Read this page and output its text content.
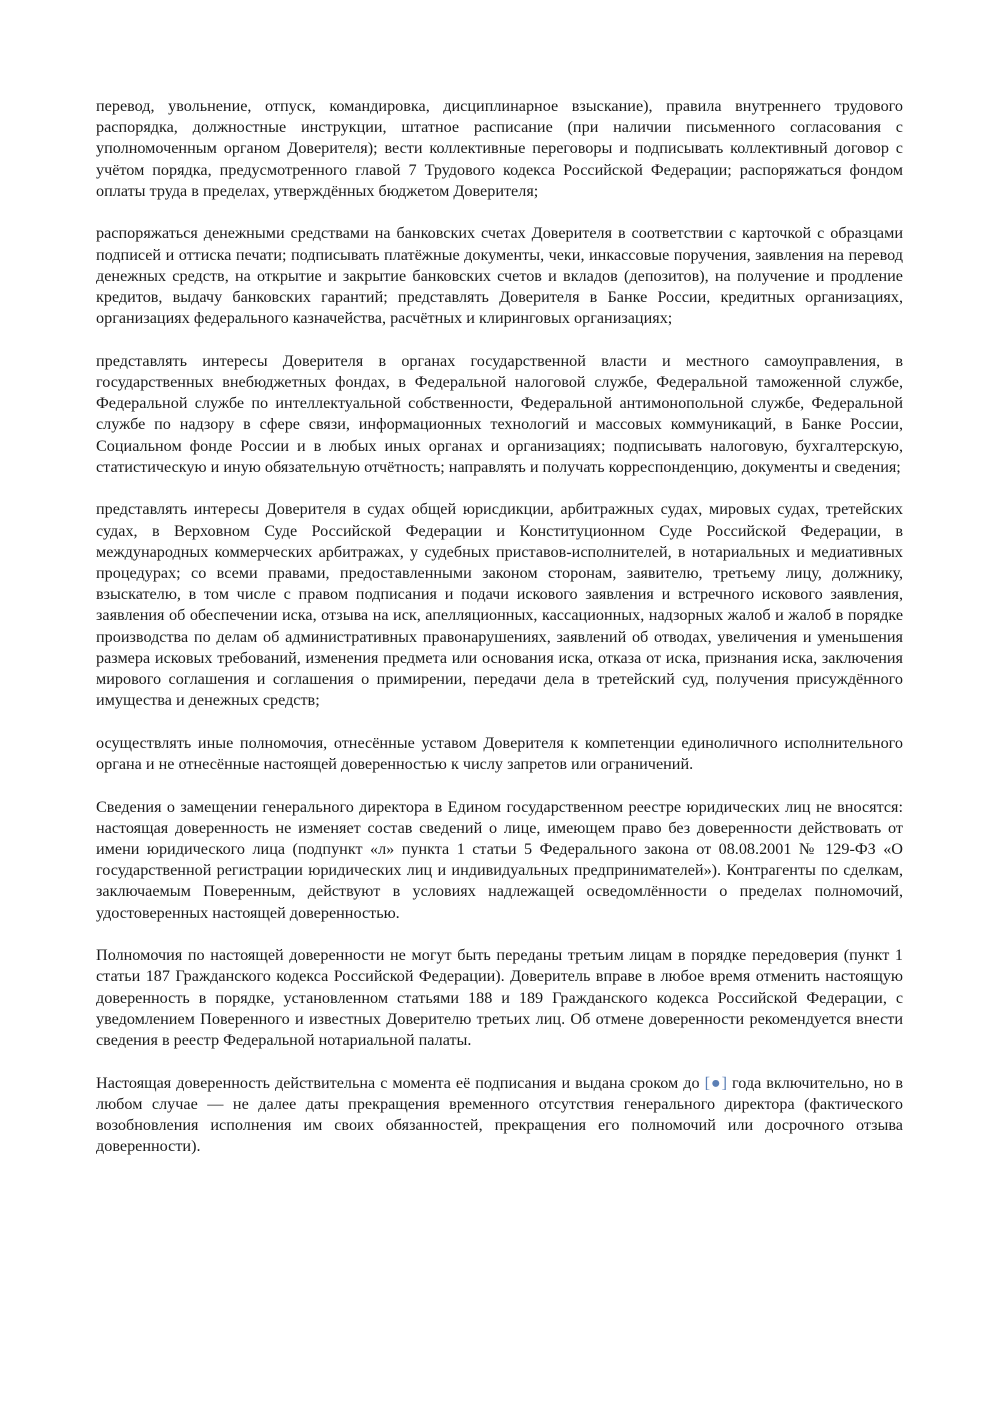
перевод, увольнение, отпуск, командировка, дисциплинарное взыскание), правила внутреннего трудового распорядка, должностные инструкции, штатное расписание (при наличии письменного согласования с уполномоченным органом Доверителя); вести коллективные переговоры и подписывать коллективный договор с учётом порядка, предусмотренного главой 7 Трудового кодекса Российской Федерации; распоряжаться фондом оплаты труда в пределах, утверждённых бюджетом Доверителя;

распоряжаться денежными средствами на банковских счетах Доверителя в соответствии с карточкой с образцами подписей и оттиска печати; подписывать платёжные документы, чеки, инкассовые поручения, заявления на перевод денежных средств, на открытие и закрытие банковских счетов и вкладов (депозитов), на получение и продление кредитов, выдачу банковских гарантий; представлять Доверителя в Банке России, кредитных организациях, организациях федерального казначейства, расчётных и клиринговых организациях;

представлять интересы Доверителя в органах государственной власти и местного самоуправления, в государственных внебюджетных фондах, в Федеральной налоговой службе, Федеральной таможенной службе, Федеральной службе по интеллектуальной собственности, Федеральной антимонопольной службе, Федеральной службе по надзору в сфере связи, информационных технологий и массовых коммуникаций, в Банке России, Социальном фонде России и в любых иных органах и организациях; подписывать налоговую, бухгалтерскую, статистическую и иную обязательную отчётность; направлять и получать корреспонденцию, документы и сведения;

представлять интересы Доверителя в судах общей юрисдикции, арбитражных судах, мировых судах, третейских судах, в Верховном Суде Российской Федерации и Конституционном Суде Российской Федерации, в международных коммерческих арбитражах, у судебных приставов-исполнителей, в нотариальных и медиативных процедурах; со всеми правами, предоставленными законом сторонам, заявителю, третьему лицу, должнику, взыскателю, в том числе с правом подписания и подачи искового заявления и встречного искового заявления, заявления об обеспечении иска, отзыва на иск, апелляционных, кассационных, надзорных жалоб и жалоб в порядке производства по делам об административных правонарушениях, заявлений об отводах, увеличения и уменьшения размера исковых требований, изменения предмета или основания иска, отказа от иска, признания иска, заключения мирового соглашения и соглашения о примирении, передачи дела в третейский суд, получения присуждённого имущества и денежных средств;

осуществлять иные полномочия, отнесённые уставом Доверителя к компетенции единоличного исполнительного органа и не отнесённые настоящей доверенностью к числу запретов или ограничений.

Сведения о замещении генерального директора в Едином государственном реестре юридических лиц не вносятся: настоящая доверенность не изменяет состав сведений о лице, имеющем право без доверенности действовать от имени юридического лица (подпункт «л» пункта 1 статьи 5 Федерального закона от 08.08.2001 № 129-ФЗ «О государственной регистрации юридических лиц и индивидуальных предпринимателей»). Контрагенты по сделкам, заключаемым Поверенным, действуют в условиях надлежащей осведомлённости о пределах полномочий, удостоверенных настоящей доверенностью.

Полномочия по настоящей доверенности не могут быть переданы третьим лицам в порядке передоверия (пункт 1 статьи 187 Гражданского кодекса Российской Федерации). Доверитель вправе в любое время отменить настоящую доверенность в порядке, установленном статьями 188 и 189 Гражданского кодекса Российской Федерации, с уведомлением Поверенного и известных Доверителю третьих лиц. Об отмене доверенности рекомендуется внести сведения в реестр Федеральной нотариальной палаты.

Настоящая доверенность действительна с момента её подписания и выдана сроком до [●] года включительно, но в любом случае — не далее даты прекращения временного отсутствия генерального директора (фактического возобновления исполнения им своих обязанностей, прекращения его полномочий или досрочного отзыва доверенности).
